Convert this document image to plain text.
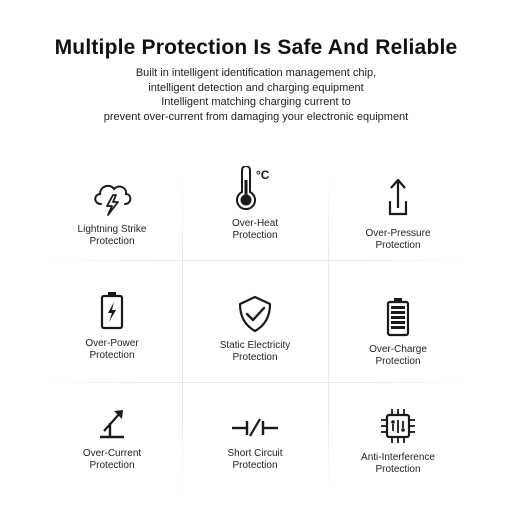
Multiple Protection Is Safe And Reliable
Built in intelligent identification management chip,
intelligent detection and charging equipment
Intelligent matching charging current to
prevent over-current from damaging your electronic equipment
Lightning Strike
Protection
°C
Over-Heat
Protection	Over-Pressure
Protection
Over-Power
Protection
Static Electricity
Protection
Over-Charge
Protection
Over-Current
Protection
Short Circuit
Protection
Anti-Interference
Protection
